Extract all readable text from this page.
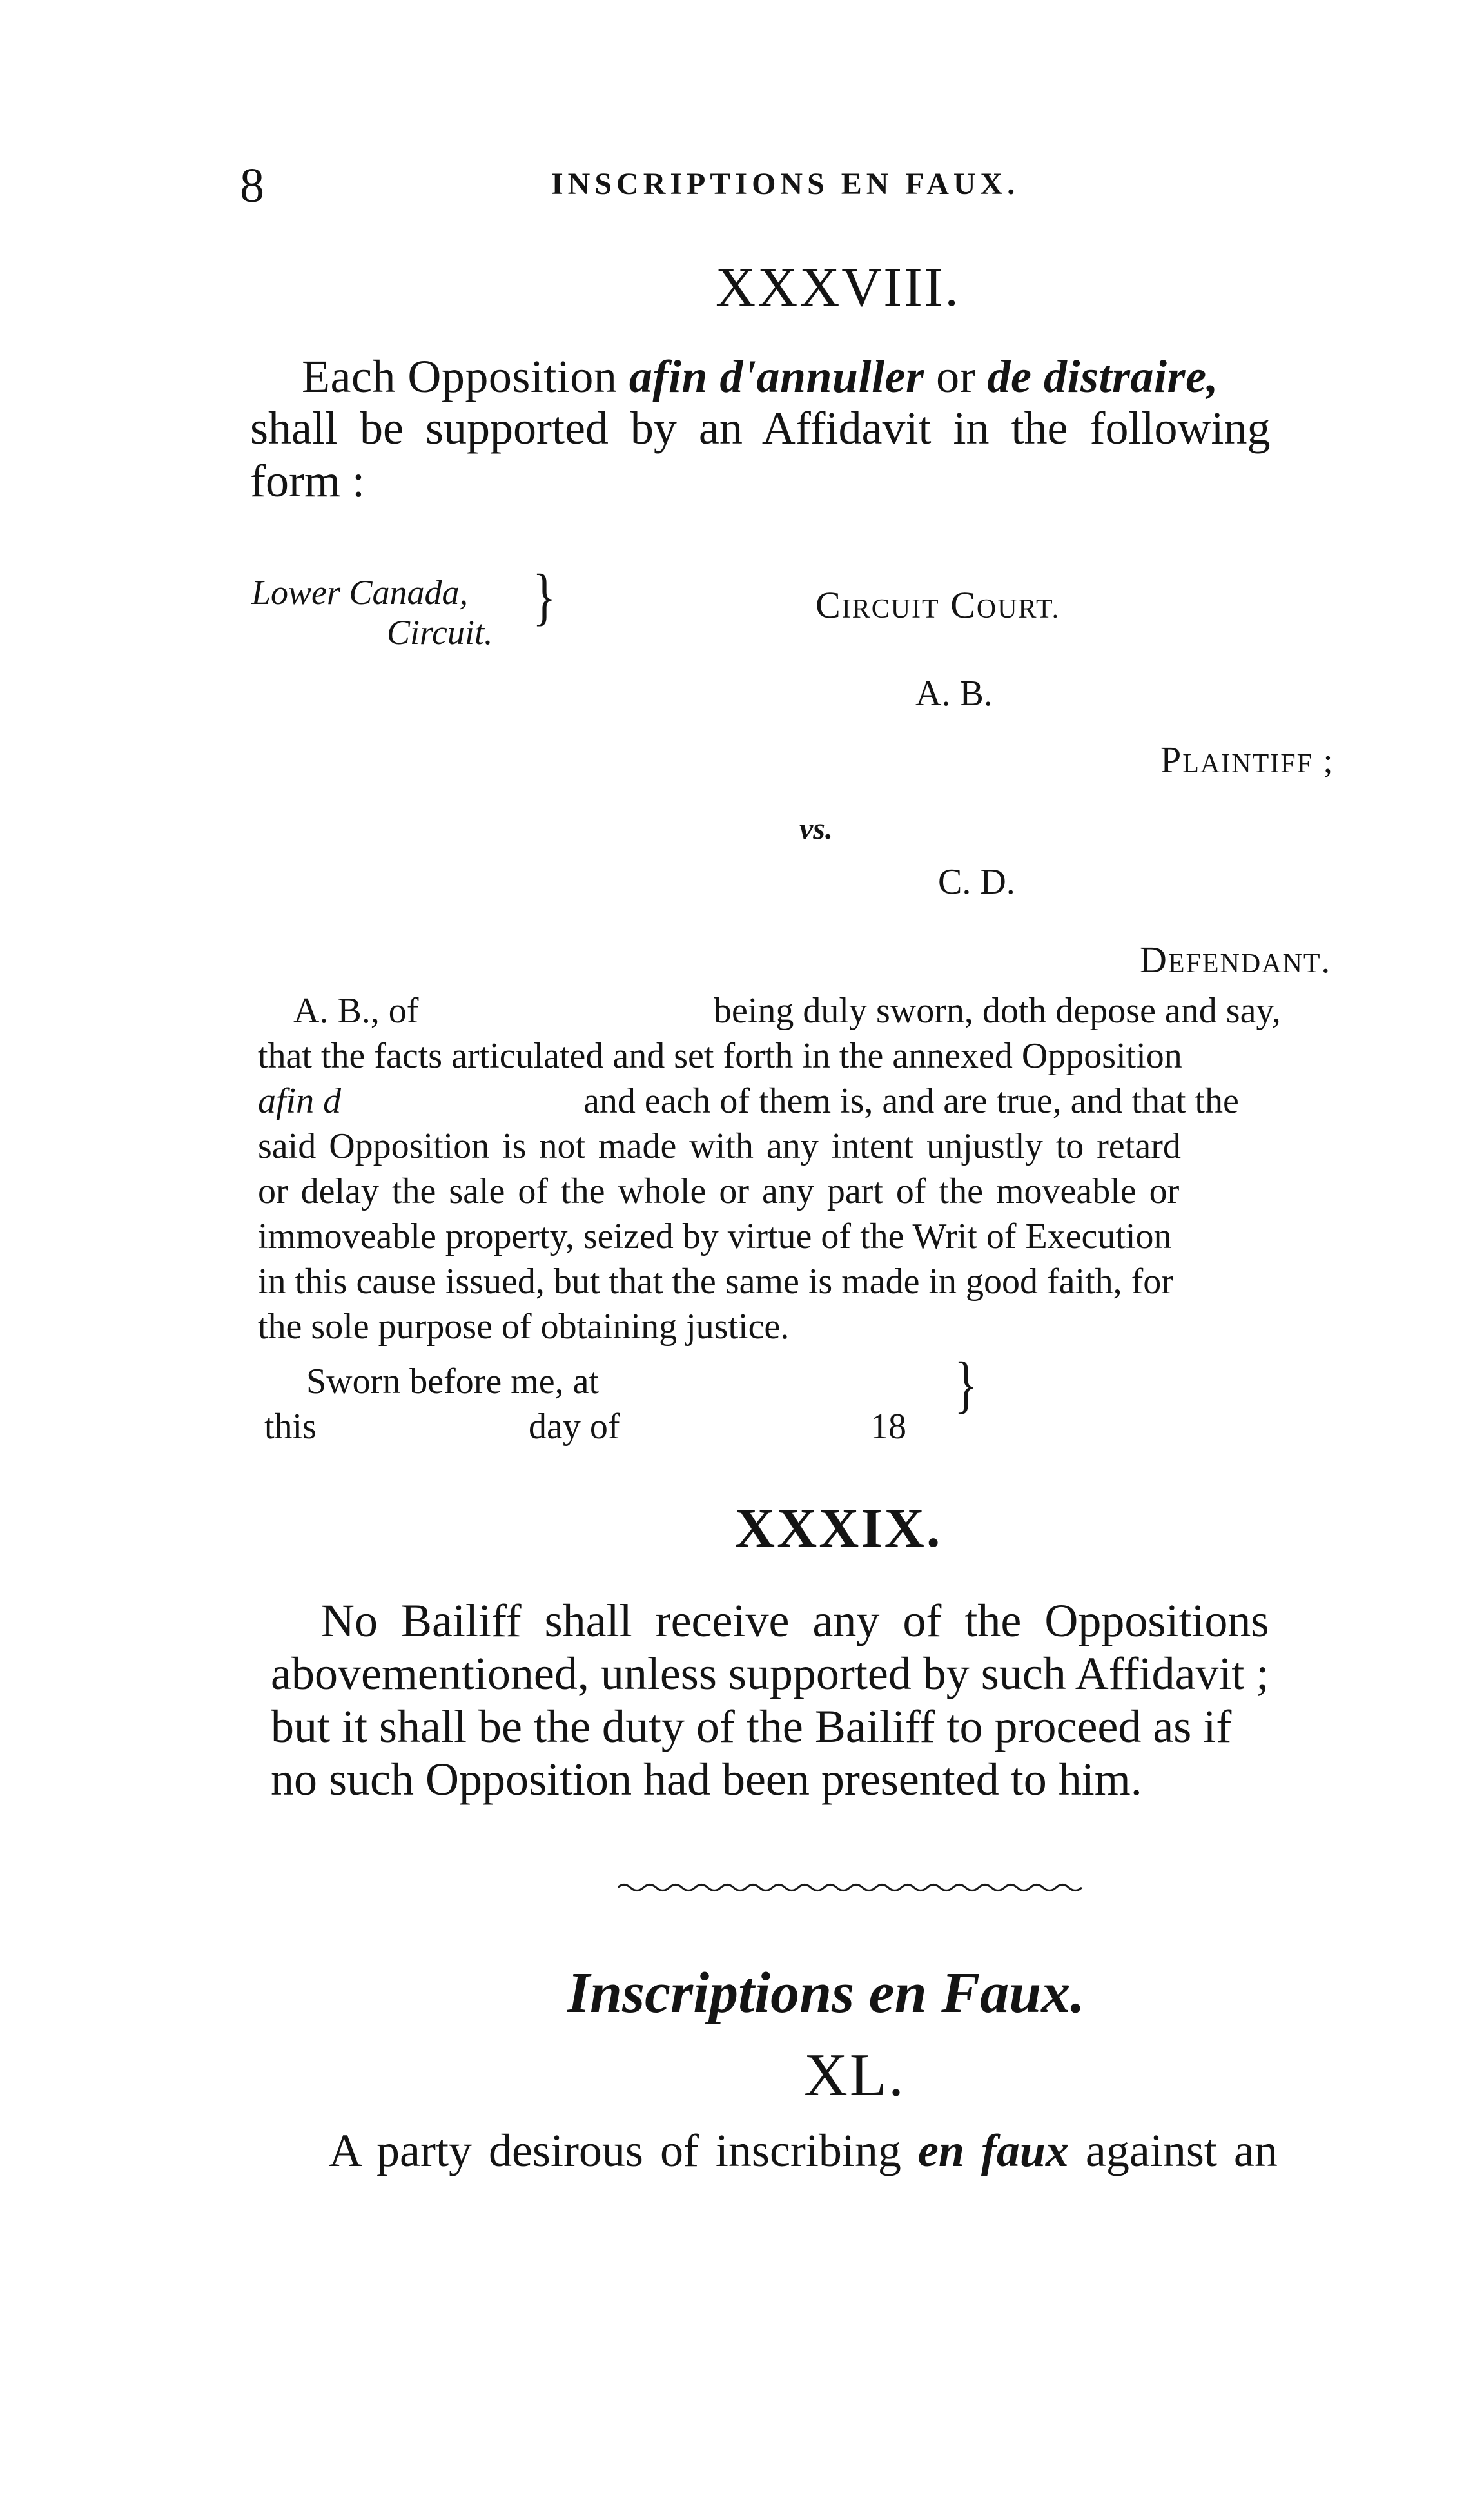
8	INSCRIPTIONS EN FAUX.
XXXVIII.
Each Opposition afin d'annuller or de distraire,
shall be supported by an Affidavit in the following
form :
Lower Canada,
Circuit.
}	CIRCUIT COURT.
A. B.
PLAINTIFF ;
vs.
C. D.
DEFENDANT.
A. B., of	being duly sworn, doth depose and say,
that the facts articulated and set forth in the annexed Opposition
afin d	and each of them is, and are true, and that the
said Opposition is not made with any intent unjustly to retard
or delay the sale of the whole or any part of the moveable or
immoveable property, seized by virtue of the Writ of Execution
in this cause issued, but that the same is made in good faith, for
the sole purpose of obtaining justice.
Sworn before me, at
this	day of	18
}
XXXIX.
No Bailiff shall receive any of the Oppositions
abovementioned, unless supported by such Affidavit ;
but it shall be the duty of the Bailiff to proceed as if
no such Opposition had been presented to him.
Inscriptions en Faux.
XL.
A party desirous of inscribing en faux against an
